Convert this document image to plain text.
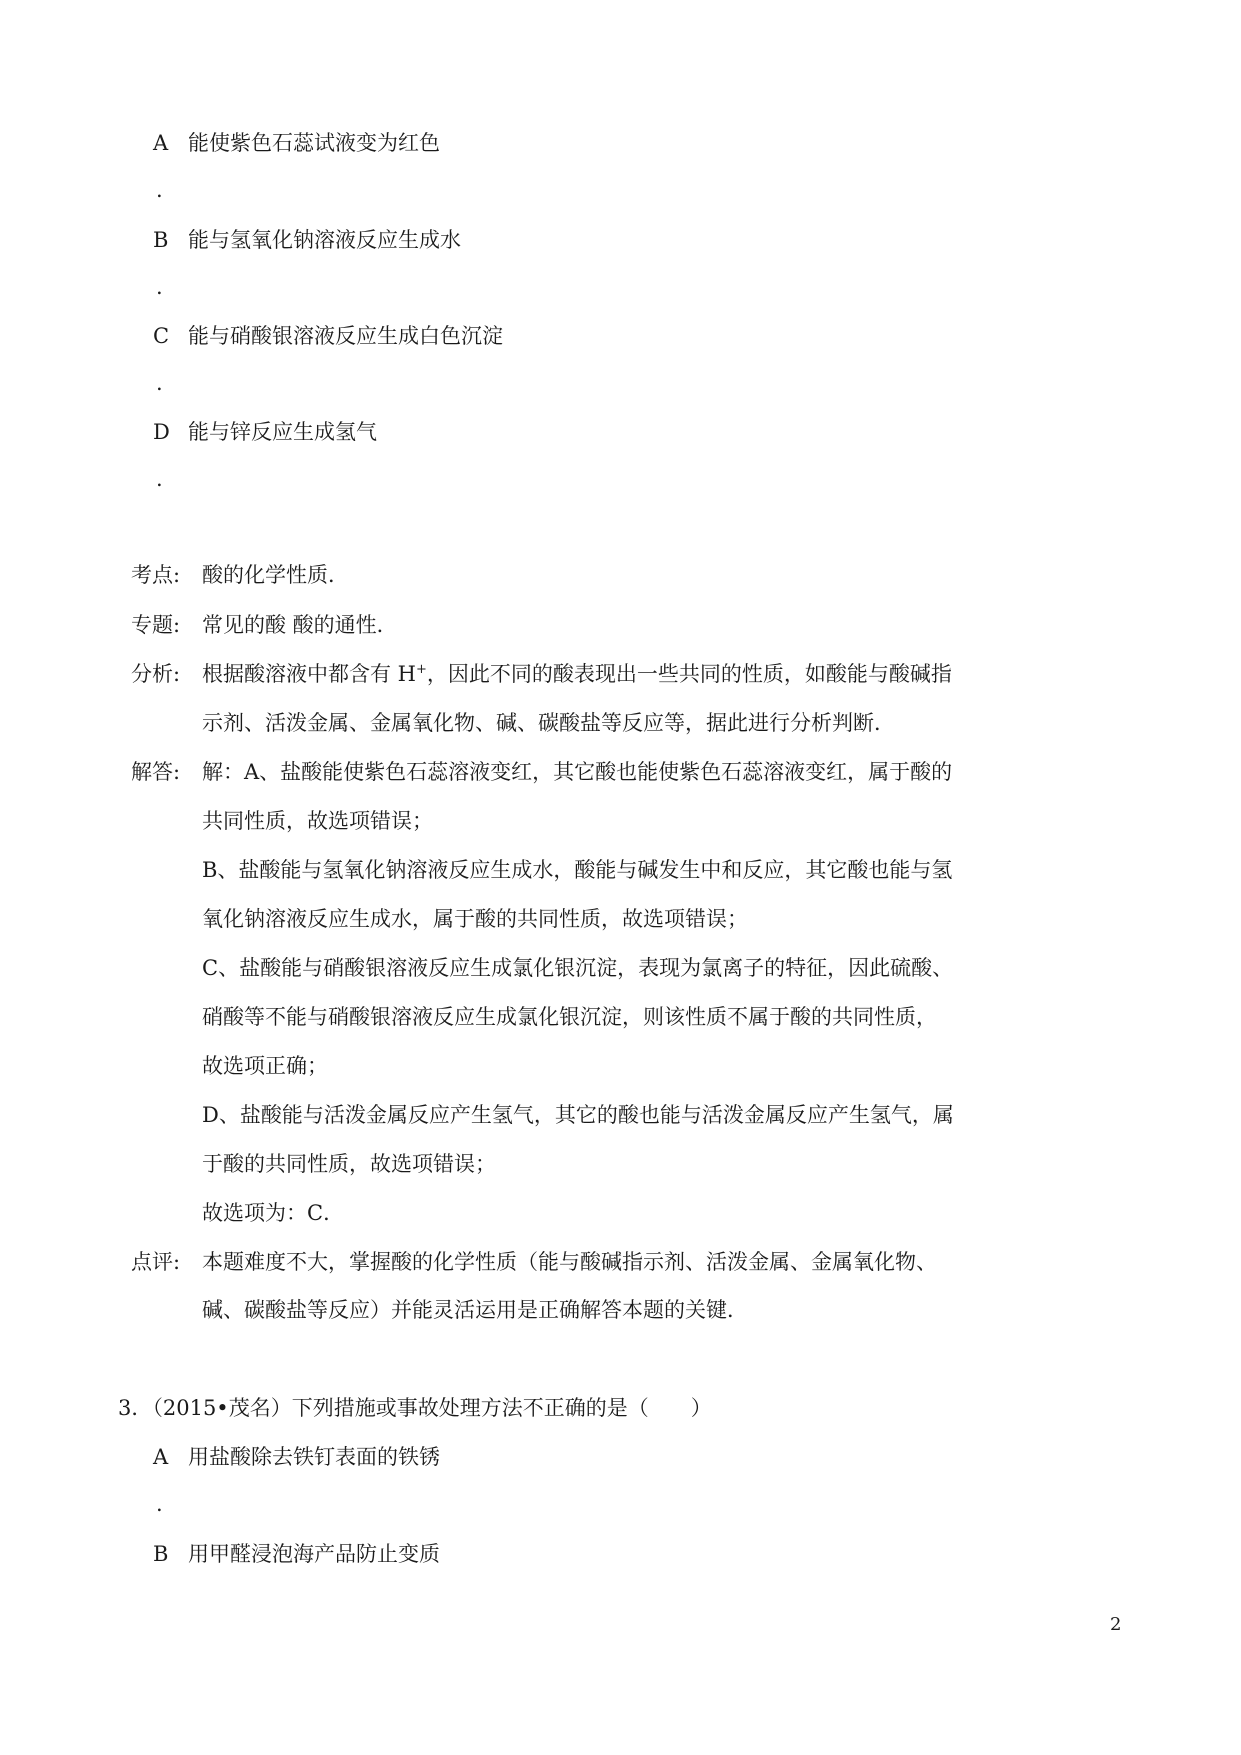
A 能使紫色石蕊试液变为红色
.
B 能与氢氧化钠溶液反应生成水
.
C 能与硝酸银溶液反应生成白色沉淀
.
D 能与锌反应生成氢气
.
考点: 酸的化学性质．
专题: 常见的酸 酸的通性．
分析: 根据酸溶液中都含有 H+，因此不同的酸表现出一些共同的性质，如酸能与酸碱指
示剂、活泼金属、金属氧化物、碱、碳酸盐等反应等，据此进行分析判断．
解答: 解：A、盐酸能使紫色石蕊溶液变红，其它酸也能使紫色石蕊溶液变红，属于酸的
共同性质，故选项错误；
B、盐酸能与氢氧化钠溶液反应生成水，酸能与碱发生中和反应，其它酸也能与氢
氧化钠溶液反应生成水，属于酸的共同性质，故选项错误；
C、盐酸能与硝酸银溶液反应生成氯化银沉淀，表现为氯离子的特征，因此硫酸、
硝酸等不能与硝酸银溶液反应生成氯化银沉淀，则该性质不属于酸的共同性质，
故选项正确；
D、盐酸能与活泼金属反应产生氢气，其它的酸也能与活泼金属反应产生氢气，属
于酸的共同性质，故选项错误；
故选项为：C．
点评: 本题难度不大，掌握酸的化学性质（能与酸碱指示剂、活泼金属、金属氧化物、
碱、碳酸盐等反应）并能灵活运用是正确解答本题的关键．
3．（2015•茂名）下列措施或事故处理方法不正确的是（　　）
A 用盐酸除去铁钉表面的铁锈
.
B 用甲醛浸泡海产品防止变质
2
